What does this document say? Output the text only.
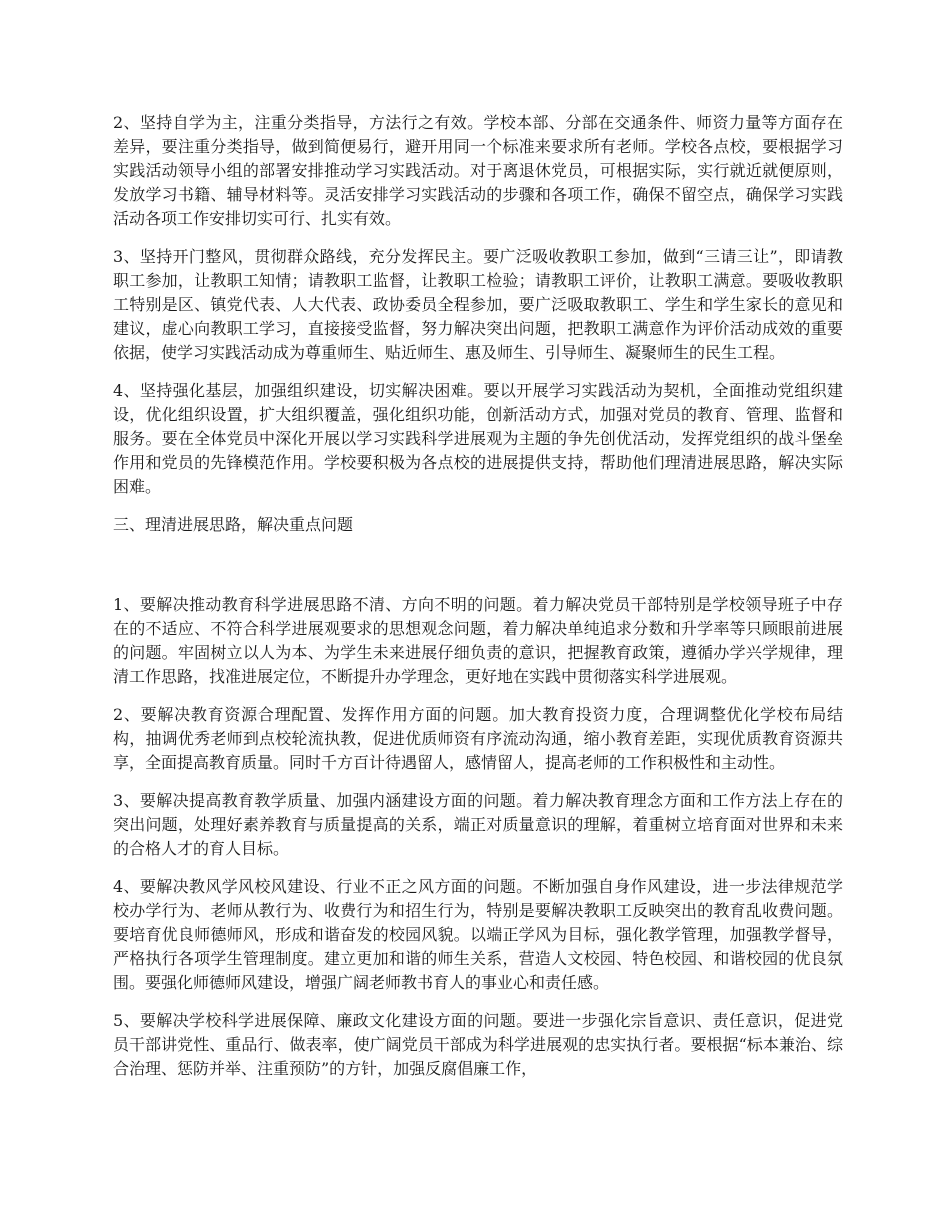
2、坚持自学为主，注重分类指导，方法行之有效。学校本部、分部在交通条件、师资力量等方面存在差异，要注重分类指导，做到简便易行，避开用同一个标准来要求所有老师。学校各点校，要根据学习实践活动领导小组的部署安排推动学习实践活动。对于离退休党员，可根据实际，实行就近就便原则，发放学习书籍、辅导材料等。灵活安排学习实践活动的步骤和各项工作，确保不留空点，确保学习实践活动各项工作安排切实可行、扎实有效。

3、坚持开门整风，贯彻群众路线，充分发挥民主。要广泛吸收教职工参加，做到“三请三让”，即请教职工参加，让教职工知情；请教职工监督，让教职工检验；请教职工评价，让教职工满意。要吸收教职工特别是区、镇党代表、人大代表、政协委员全程参加，要广泛吸取教职工、学生和学生家长的意见和建议，虚心向教职工学习，直接接受监督，努力解决突出问题，把教职工满意作为评价活动成效的重要依据，使学习实践活动成为尊重师生、贴近师生、惠及师生、引导师生、凝聚师生的民生工程。

4、坚持强化基层，加强组织建设，切实解决困难。要以开展学习实践活动为契机，全面推动党组织建设，优化组织设置，扩大组织覆盖，强化组织功能，创新活动方式，加强对党员的教育、管理、监督和服务。要在全体党员中深化开展以学习实践科学进展观为主题的争先创优活动，发挥党组织的战斗堡垒作用和党员的先锋模范作用。学校要积极为各点校的进展提供支持，帮助他们理清进展思路，解决实际困难。

三、理清进展思路，解决重点问题

1、要解决推动教育科学进展思路不清、方向不明的问题。着力解决党员干部特别是学校领导班子中存在的不适应、不符合科学进展观要求的思想观念问题，着力解决单纯追求分数和升学率等只顾眼前进展的问题。牢固树立以人为本、为学生未来进展仔细负责的意识，把握教育政策，遵循办学兴学规律，理清工作思路，找准进展定位，不断提升办学理念，更好地在实践中贯彻落实科学进展观。

2、要解决教育资源合理配置、发挥作用方面的问题。加大教育投资力度，合理调整优化学校布局结构，抽调优秀老师到点校轮流执教，促进优质师资有序流动沟通，缩小教育差距，实现优质教育资源共享，全面提高教育质量。同时千方百计待遇留人，感情留人，提高老师的工作积极性和主动性。

3、要解决提高教育教学质量、加强内涵建设方面的问题。着力解决教育理念方面和工作方法上存在的突出问题，处理好素养教育与质量提高的关系，端正对质量意识的理解，着重树立培育面对世界和未来的合格人才的育人目标。

4、要解决教风学风校风建设、行业不正之风方面的问题。不断加强自身作风建设，进一步法律规范学校办学行为、老师从教行为、收费行为和招生行为，特别是要解决教职工反映突出的教育乱收费问题。要培育优良师德师风，形成和谐奋发的校园风貌。以端正学风为目标，强化教学管理，加强教学督导，严格执行各项学生管理制度。建立更加和谐的师生关系，营造人文校园、特色校园、和谐校园的优良氛围。要强化师德师风建设，增强广阔老师教书育人的事业心和责任感。

5、要解决学校科学进展保障、廉政文化建设方面的问题。要进一步强化宗旨意识、责任意识，促进党员干部讲党性、重品行、做表率，使广阔党员干部成为科学进展观的忠实执行者。要根据“标本兼治、综合治理、惩防并举、注重预防”的方针，加强反腐倡廉工作，
